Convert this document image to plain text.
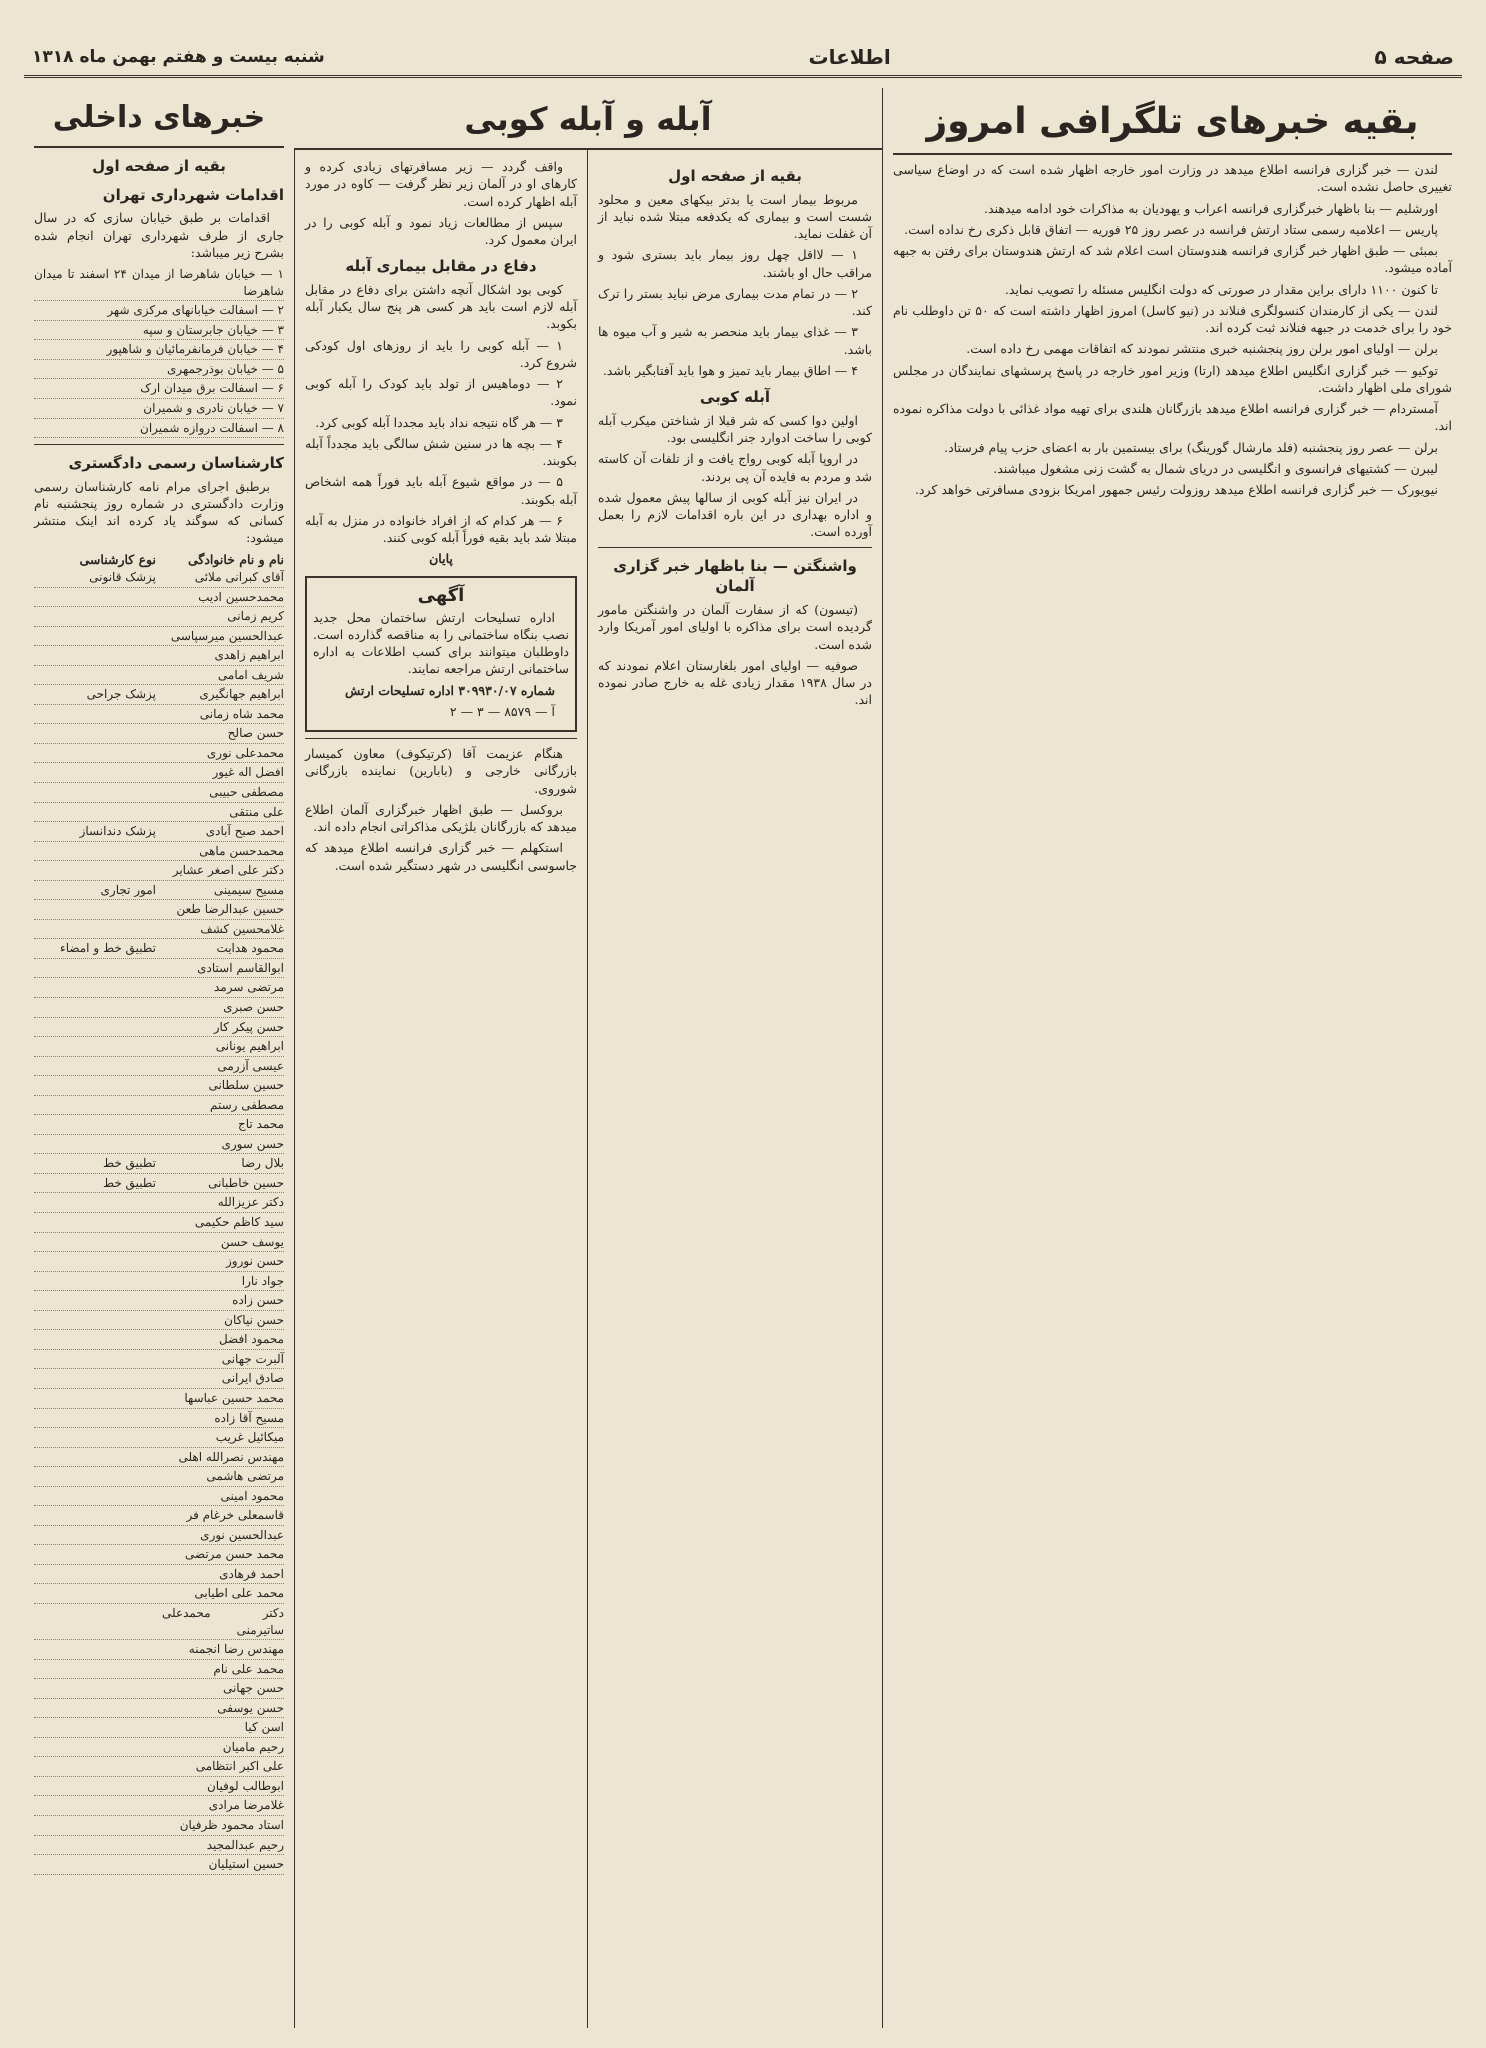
صفحه ۵
اطلاعات
شنبه بیست و هفتم بهمن ماه ۱۳۱۸
آبله و آبله کوبی	بقیه خبرهای تلگرافی امروز
لندن — خبر گزاری فرانسه اطلاع میدهد در وزارت امور خارجه اظهار شده است که در اوضاع سیاسی تغییری حاصل نشده است.
اورشلیم — بنا باظهار خبرگزاری فرانسه اعراب و یهودیان به مذاکرات خود ادامه میدهند.
پاریس — اعلامیه رسمی ستاد ارتش فرانسه در عصر روز ۲۵ فوریه — اتفاق قابل ذکری رخ نداده است.
بمبئی — طبق اظهار خبر گزاری فرانسه هندوستان است اعلام شد که ارتش هندوستان برای رفتن به جبهه آماده میشود.
تا کنون ۱۱۰۰ دارای براین مقدار در صورتی که دولت انگلیس مسئله را تصویب نماید.
لندن — یکی از کارمندان کنسولگری فنلاند در (نیو کاسل) امروز اظهار داشته است که ۵۰ تن داوطلب نام خود را برای خدمت در جبهه فنلاند ثبت کرده اند.
برلن — اولیای امور برلن روز پنجشنبه خبری منتشر نمودند که اتفاقات مهمی رخ داده است.
توکیو — خبر گزاری انگلیس اطلاع میدهد (ارتا) وزیر امور خارجه در پاسخ پرسشهای نمایندگان در مجلس شورای ملی اظهار داشت.
آمستردام — خبر گزاری فرانسه اطلاع میدهد بازرگانان هلندی برای تهیه مواد غذائی با دولت مذاکره نموده اند.
برلن — عصر روز پنجشنبه (فلد مارشال گورینگ) برای بیستمین بار به اعضای حزب پیام فرستاد.
لیبرن — کشتیهای فرانسوی و انگلیسی در دریای شمال به گشت زنی مشغول میباشند.
نیویورک — خبر گزاری فرانسه اطلاع میدهد روزولت رئیس جمهور امریکا بزودی مسافرتی خواهد کرد.
بقیه از صفحه اول
مربوط بیمار است یا بدتر بیکهای معین و محلود شست است و بیماری که یکدفعه مبتلا شده نباید از آن غفلت نماید.
۱ — لااقل چهل روز بیمار باید بستری شود و مراقب حال او باشند.
۲ — در تمام مدت بیماری مرض نباید بستر را ترک کند.
۳ — غذای بیمار باید منحصر به شیر و آب میوه ها باشد.
۴ — اطاق بیمار باید تمیز و هوا باید آفتابگیر باشد.
آبله کوبی
اولین دوا کسی که شر قبلا از شناختن میکرب آبله کوبی را ساخت ادوارد جنر انگلیسی بود.
در اروپا آبله کوبی رواج یافت و از تلفات آن کاسته شد و مردم به فایده آن پی بردند.
در ایران نیز آبله کوبی از سالها پیش معمول شده و اداره بهداری در این باره اقدامات لازم را بعمل آورده است.
واشنگتن — بنا باظهار خبر گزاری آلمان
(تیسون) که از سفارت آلمان در واشنگتن مامور گردیده است برای مذاکره با اولیای امور آمریکا وارد شده است.
صوفیه — اولیای امور بلغارستان اعلام نمودند که در سال ۱۹۳۸ مقدار زیادی غله به خارج صادر نموده اند.
واقف گردد — زیر مسافرتهای زیادی کرده و کارهای او در آلمان زیر نظر گرفت — کاوه در مورد آبله اظهار کرده است.
سپس از مطالعات زیاد نمود و آبله کوبی را در ایران معمول کرد.
دفاع در مقابل بیماری آبله
کوبی بود اشکال آنچه داشتن برای دفاع در مقابل آبله لازم است باید هر کسی هر پنج سال یکبار آبله بکوبد.
۱ — آبله کوبی را باید از روزهای اول کودکی شروع کرد.
۲ — دوماهیس از تولد باید کودک را آبله کوبی نمود.
۳ — هر گاه نتیجه نداد باید مجددا آبله کوبی کرد.
۴ — بچه ها در سنین شش سالگی باید مجدداً آبله بکوبند.
۵ — در مواقع شیوع آبله باید فوراً همه اشخاص آبله بکوبند.
۶ — هر کدام که از افراد خانواده در منزل به آبله مبتلا شد باید بقیه فوراً آبله کوبی کنند.
پایان
آگهی
اداره تسلیحات ارتش ساختمان محل جدید نصب بنگاه ساختمانی را به مناقصه گذارده است. داوطلبان میتوانند برای کسب اطلاعات به اداره ساختمانی ارتش مراجعه نمایند.
شماره ۳۰۹۹۳۰/۰۷ اداره تسلیحات ارتش
آ — ۸۵۷۹ — ۳ — ۲
هنگام عزیمت آقا (کرتیکوف) معاون کمیسار بازرگانی خارجی و (بابارین) نماینده بازرگانی شوروی.
بروکسل — طبق اظهار خبرگزاری آلمان اطلاع میدهد که بازرگانان بلژیکی مذاکراتی انجام داده اند.
استکهلم — خبر گزاری فرانسه اطلاع میدهد که جاسوسی انگلیسی در شهر دستگیر شده است.
خبرهای داخلی
بقیه از صفحه اول
اقدامات شهرداری تهران
اقدامات بر طبق خیابان سازی که در سال جاری از طرف شهرداری تهران انجام شده بشرح زیر میباشد:
۱ — خیابان شاهرضا از میدان ۲۴ اسفند تا میدان شاهرضا
۲ — اسفالت خیابانهای مرکزی شهر
۳ — خیابان جابرستان و سپه
۴ — خیابان فرمانفرمائیان و شاهپور
۵ — خیابان بوذرجمهری
۶ — اسفالت برق میدان ارک
۷ — خیابان نادری و شمیران
۸ — اسفالت دروازه شمیران
کارشناسان رسمی دادگستری
برطبق اجرای مرام نامه کارشناسان رسمی وزارت دادگستری در شماره روز پنجشنبه نام کسانی که سوگند یاد کرده اند اینک منتشر میشود:
نام و نام خانوادگی
نوع کارشناسی
آقای کبرانی ملائی
پزشک قانونی
محمدحسین ادیب
کریم زمانی
عبدالحسین میرسپاسی
ابراهیم زاهدی
شریف امامی
ابراهیم جهانگیری
پزشک جراحی
محمد شاه زمانی
حسن صالح
محمدعلی نوری
افضل اله غیور
مصطفی حبیبی
علی منتقی
احمد صبح آبادی
پزشک دندانساز
محمدحسن ماهی
دکتر علی اصغر عشایر
مسیح سیمینی
امور تجاری
حسین عبدالرضا طعن
غلامحسین کشف
محمود هدایت
تطبیق خط و امضاء
ابوالقاسم استادی
مرتضی سرمد
حسن صبری
حسن پیکر کار
ابراهیم یونانی
عیسی آزرمی
حسین سلطانی
مصطفی رستم
محمد تاج
حسن سوری
بلال رضا
تطبیق خط
حسین خاطبانی
تطبیق خط
دکتر عزیزالله
سید کاظم حکیمی
یوسف حسن
حسن نوروز
جواد نارا
حسن زاده
حسن نیاکان
محمود افضل
آلبرت جهانی
صادق ایرانی
محمد حسین عباسها
مسیح آقا زاده
میکائیل غریب
مهندس نصرالله اهلی
مرتضی هاشمی
محمود امینی
قاسمعلی خرغام فر
عبدالحسین نوری
محمد حسن مرتضی
احمد فرهادی
محمد علی اطیابی
دکتر محمدعلی ساتیرمنی
مهندس رضا انجمنه
محمد علی نام
حسن جهانی
حسن یوسفی
اسن کیا
رحیم مامیان
علی اکبر انتظامی
ابوطالب لوفیان
غلامرضا مرادی
استاد محمود ظرفیان
رحیم عبدالمجید
حسین استیلیان
